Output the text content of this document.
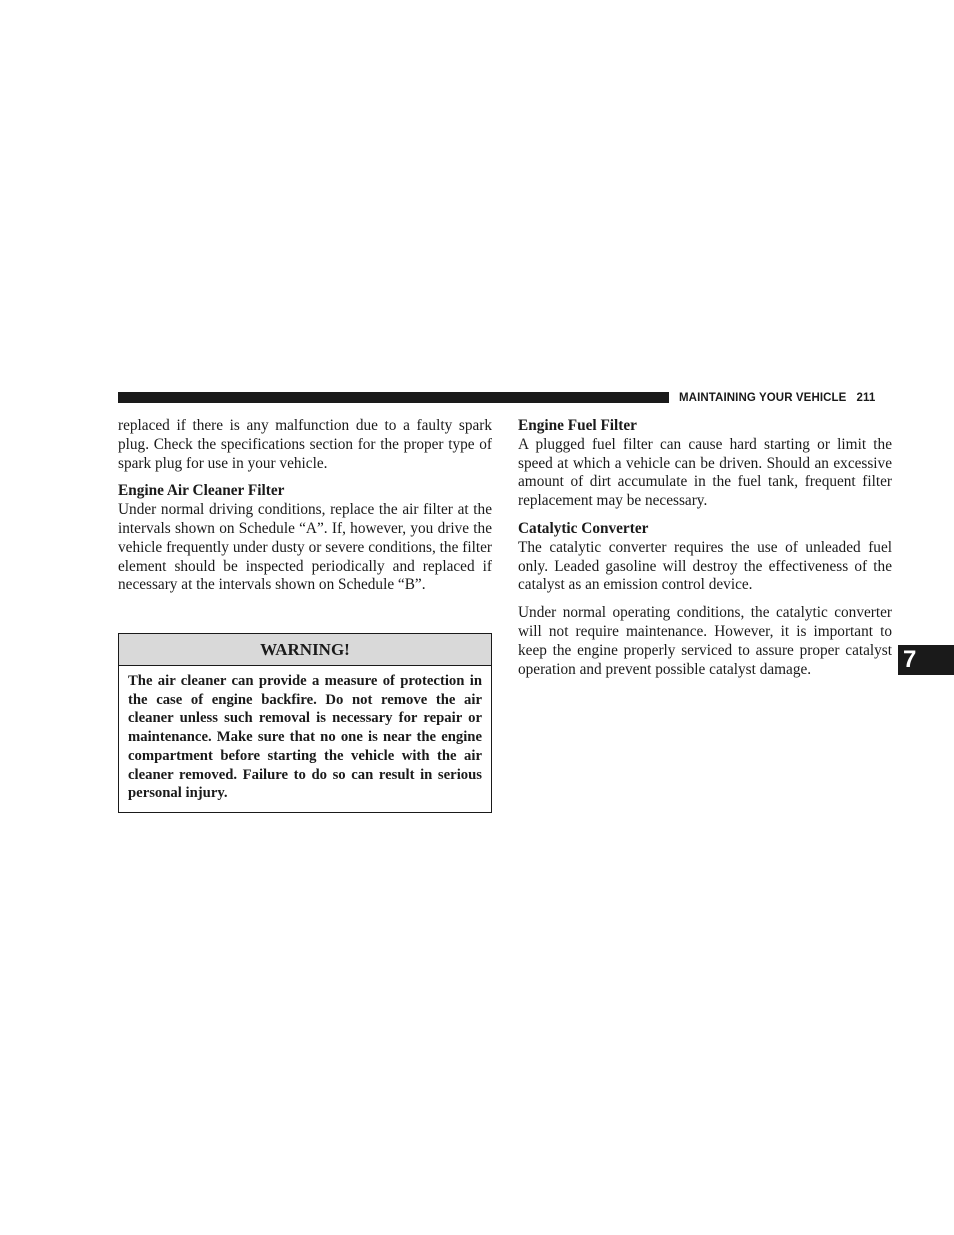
MAINTAINING YOUR VEHICLE 211

replaced if there is any malfunction due to a faulty spark plug. Check the specifications section for the proper type of spark plug for use in your vehicle.

Engine Air Cleaner Filter

Under normal driving conditions, replace the air filter at the intervals shown on Schedule “A”. If, however, you drive the vehicle frequently under dusty or severe conditions, the filter element should be inspected periodically and replaced if necessary at the intervals shown on Schedule “B”.

WARNING!
The air cleaner can provide a measure of protection in the case of engine backfire. Do not remove the air cleaner unless such removal is necessary for repair or maintenance. Make sure that no one is near the engine compartment before starting the vehicle with the air cleaner removed. Failure to do so can result in serious personal injury.
Engine Fuel Filter

A plugged fuel filter can cause hard starting or limit the speed at which a vehicle can be driven. Should an excessive amount of dirt accumulate in the fuel tank, frequent filter replacement may be necessary.

Catalytic Converter

The catalytic converter requires the use of unleaded fuel only. Leaded gasoline will destroy the effectiveness of the catalyst as an emission control device.

Under normal operating conditions, the catalytic converter will not require maintenance. However, it is important to keep the engine properly serviced to assure proper catalyst operation and prevent possible catalyst damage.	7
